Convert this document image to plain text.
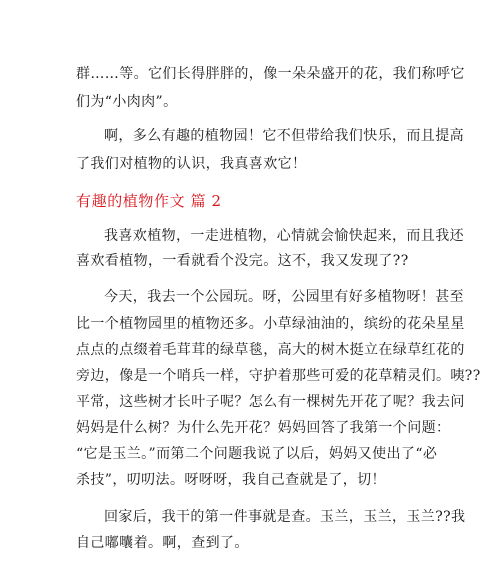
群……等。它们长得胖胖的，像一朵朵盛开的花，我们称呼它
们为“小肉肉”。
啊，多么有趣的植物园！它不但带给我们快乐，而且提高
了我们对植物的认识，我真喜欢它！
有趣的植物作文 篇 2
我喜欢植物，一走进植物，心情就会愉快起来，而且我还
喜欢看植物，一看就看个没完。这不，我又发现了??
今天，我去一个公园玩。呀，公园里有好多植物呀！甚至
比一个植物园里的植物还多。小草绿油油的，缤纷的花朵星星
点点的点缀着毛茸茸的绿草毯，高大的树木挺立在绿草红花的
旁边，像是一个哨兵一样，守护着那些可爱的花草精灵们。咦??
平常，这些树才长叶子呢？怎么有一棵树先开花了呢？我去问
妈妈是什么树？为什么先开花？妈妈回答了我第一个问题：
“它是玉兰。”而第二个问题我说了以后，妈妈又使出了“必
杀技”，叨叨法。呀呀呀，我自己查就是了，切！
回家后，我干的第一件事就是查。玉兰，玉兰，玉兰??我
自己嘟囔着。啊，查到了。
